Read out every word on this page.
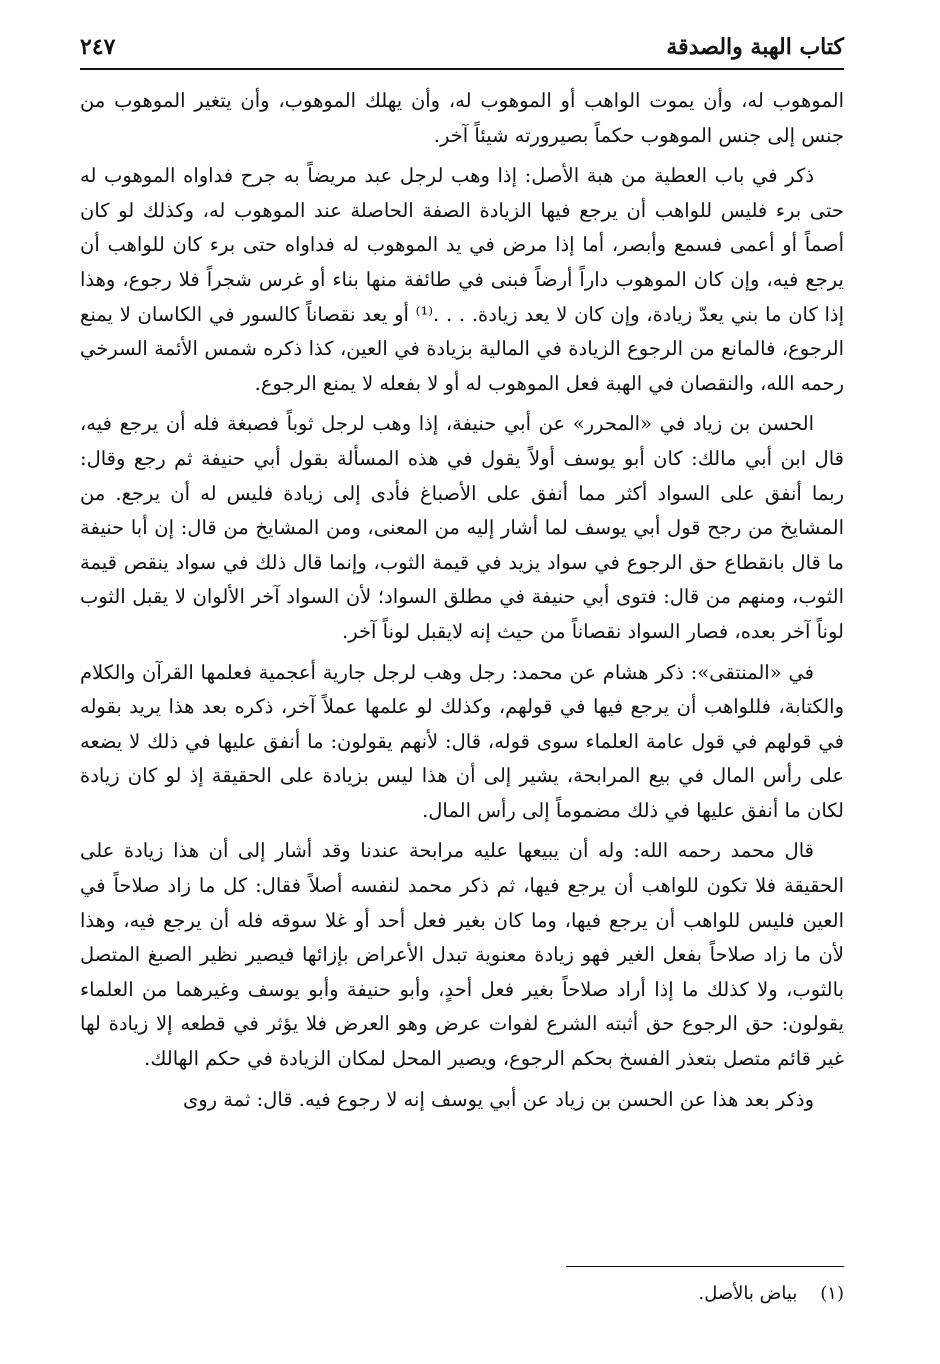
كتاب الهبة والصدقة
٢٤٧

الموهوب له، وأن يموت الواهب أو الموهوب له، وأن يهلك الموهوب، وأن يتغير الموهوب من جنس إلى جنس الموهوب حكماً بصيرورته شيئاً آخر.

ذكر في باب العطية من هبة الأصل: إذا وهب لرجل عبد مريضاً به جرح فداواه الموهوب له حتى برء فليس للواهب أن يرجع فيها الزيادة الصفة الحاصلة عند الموهوب له، وكذلك لو كان أصماً أو أعمى فسمع وأبصر، أما إذا مرض في يد الموهوب له فداواه حتى برء كان للواهب أن يرجع فيه، وإن كان الموهوب داراً أرضاً فبنى في طائفة منها بناء أو غرس شجراً فلا رجوع، وهذا إذا كان ما بني يعدّ زيادة، وإن كان لا يعد زيادة. . . .⁽¹⁾ أو يعد نقصاناً كالسور في الكاسان لا يمنع الرجوع، فالمانع من الرجوع الزيادة في المالية بزيادة في العين، كذا ذكره شمس الأئمة السرخي رحمه الله، والنقصان في الهبة فعل الموهوب له أو لا بفعله لا يمنع الرجوع.

الحسن بن زياد في «المحرر» عن أبي حنيفة، إذا وهب لرجل ثوباً فصبغة فله أن يرجع فيه، قال ابن أبي مالك: كان أبو يوسف أولاً يقول في هذه المسألة بقول أبي حنيفة ثم رجع وقال: ربما أنفق على السواد أكثر مما أنفق على الأصباغ فأدى إلى زيادة فليس له أن يرجع. من المشايخ من رجح قول أبي يوسف لما أشار إليه من المعنى، ومن المشايخ من قال: إن أبا حنيفة ما قال بانقطاع حق الرجوع في سواد يزيد في قيمة الثوب، وإنما قال ذلك في سواد ينقص قيمة الثوب، ومنهم من قال: فتوى أبي حنيفة في مطلق السواد؛ لأن السواد آخر الألوان لا يقبل الثوب لوناً آخر بعده، فصار السواد نقصاناً من حيث إنه لايقبل لوناً آخر.

في «المنتقى»: ذكر هشام عن محمد: رجل وهب لرجل جارية أعجمية فعلمها القرآن والكلام والكتابة، فللواهب أن يرجع فيها في قولهم، وكذلك لو علمها عملاً آخر، ذكره بعد هذا يريد بقوله في قولهم في قول عامة العلماء سوى قوله، قال: لأنهم يقولون: ما أنفق عليها في ذلك لا يضعه على رأس المال في بيع المرابحة، يشير إلى أن هذا ليس بزيادة على الحقيقة إذ لو كان زيادة لكان ما أنفق عليها في ذلك مضموماً إلى رأس المال.

قال محمد رحمه الله: وله أن يبيعها عليه مرابحة عندنا وقد أشار إلى أن هذا زيادة على الحقيقة فلا تكون للواهب أن يرجع فيها، ثم ذكر محمد لنفسه أصلاً فقال: كل ما زاد صلاحاً في العين فليس للواهب أن يرجع فيها، وما كان بغير فعل أحد أو غلا سوقه فله أن يرجع فيه، وهذا لأن ما زاد صلاحاً بفعل الغير فهو زيادة معنوية تبدل الأعراض بإزائها فيصير نظير الصبغ المتصل بالثوب، ولا كذلك ما إذا أراد صلاحاً بغير فعل أحدٍ، وأبو حنيفة وأبو يوسف وغيرهما من العلماء يقولون: حق الرجوع حق أثبته الشرع لفوات عرض وهو العرض فلا يؤثر في قطعه إلا زيادة لها غير قائم متصل بتعذر الفسخ بحكم الرجوع، ويصير المحل لمكان الزيادة في حكم الهالك.

وذكر بعد هذا عن الحسن بن زياد عن أبي يوسف إنه لا رجوع فيه. قال: ثمة روى

(١)    بياض بالأصل.
